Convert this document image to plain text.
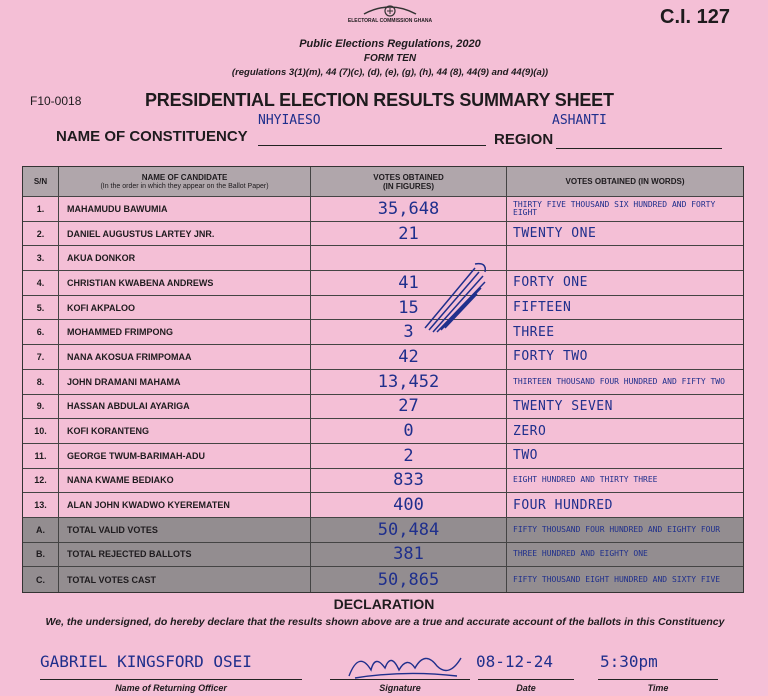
ELECTORAL COMMISSION GHANA	C.I. 127
Public Elections Regulations, 2020
FORM TEN
(regulations 3(1)(m), 44 (7)(c), (d), (e), (g), (h), 44 (8), 44(9) and 44(9)(a))
F10-0018	PRESIDENTIAL ELECTION RESULTS SUMMARY SHEET
NHYIAESO	ASHANTI
NAME OF CONSTITUENCY	REGION
S/N	NAME OF CANDIDATE
(In the order in which they appear on the Ballot Paper)
VOTES OBTAINED
(IN FIGURES)	VOTES OBTAINED (IN WORDS)
1.	MAHAMUDU BAWUMIA	35,648	THIRTY FIVE THOUSAND SIX HUNDRED AND FORTY EIGHT
2.	DANIEL AUGUSTUS LARTEY JNR.	21	TWENTY ONE
3.	AKUA DONKOR
4.	CHRISTIAN KWABENA ANDREWS	41	FORTY ONE
5.	KOFI AKPALOO	15	FIFTEEN
6.	MOHAMMED FRIMPONG	3	THREE
7.	NANA AKOSUA FRIMPOMAA	42	FORTY TWO
8.	JOHN DRAMANI MAHAMA	13,452	THIRTEEN THOUSAND FOUR HUNDRED AND FIFTY TWO
9.	HASSAN ABDULAI AYARIGA	27	TWENTY SEVEN
10.	KOFI KORANTENG	0	ZERO
11.	GEORGE TWUM-BARIMAH-ADU	2	TWO
12.	NANA KWAME BEDIAKO	833	EIGHT HUNDRED AND THIRTY THREE
13.	ALAN JOHN KWADWO KYEREMATEN	400	FOUR HUNDRED
A.	TOTAL VALID VOTES	50,484	FIFTY THOUSAND FOUR HUNDRED AND EIGHTY FOUR
B.	TOTAL REJECTED BALLOTS	381	THREE HUNDRED AND EIGHTY ONE
C.	TOTAL VOTES CAST	50,865	FIFTY THOUSAND EIGHT HUNDRED AND SIXTY FIVE
DECLARATION
We, the undersigned, do hereby declare that the results shown above are a true and accurate account of the ballots in this Constituency
GABRIEL KINGSFORD OSEI	08-12-24	5:30pm
Name of Returning Officer	Signature	Date	Time
